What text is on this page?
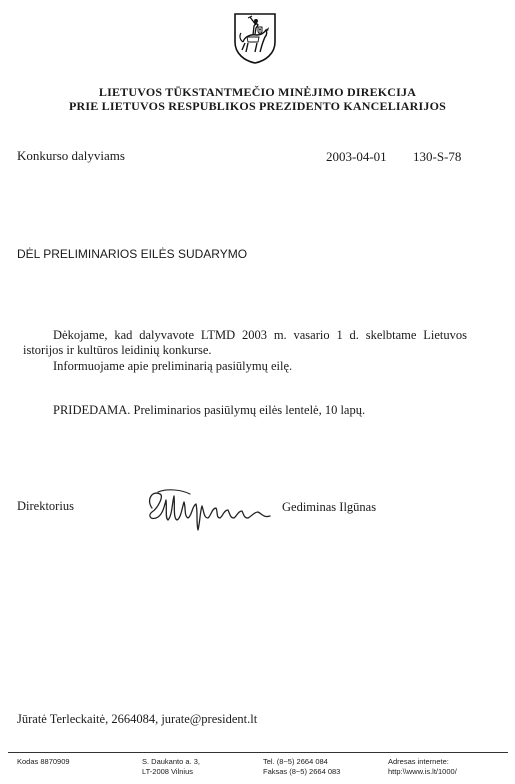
LIETUVOS TŪKSTANTMEČIO MINĖJIMO DIREKCIJA
PRIE LIETUVOS RESPUBLIKOS PREZIDENTO KANCELIARIJOS
Konkurso dalyviams	2003-04-01 130-S-78
DĖL PRELIMINARIOS EILĖS SUDARYMO
Dėkojame, kad dalyvavote LTMD 2003 m. vasario 1 d. skelbtame Lietuvos istorijos ir kultūros leidinių konkurse.
Informuojame apie preliminarią pasiūlymų eilę.
PRIDEDAMA. Preliminarios pasiūlymų eilės lentelė, 10 lapų.
Direktorius	Gediminas Ilgūnas
Jūratė Terleckaitė, 2664084, jurate@president.lt
Kodas 8870909	S. Daukanto a. 3,
LT-2008 Vilnius
Tel. (8~5) 2664 084
Faksas (8~5) 2664 083
Adresas internete:
http:\\www.is.lt/1000/
